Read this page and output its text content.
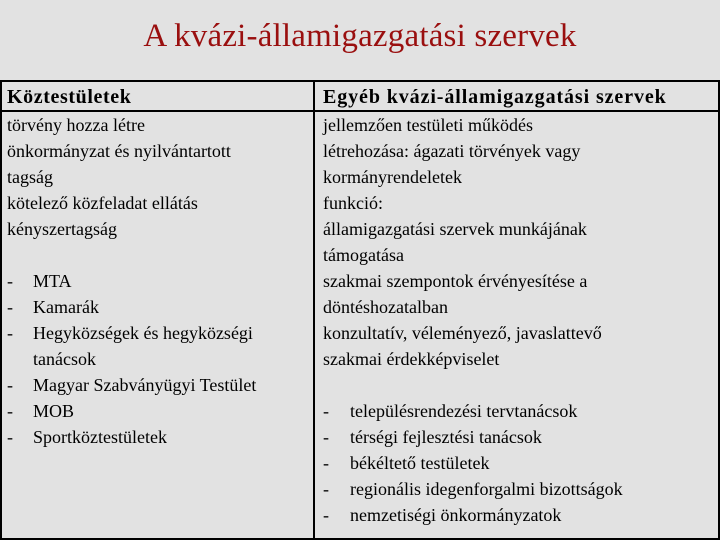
A kvázi-államigazgatási szervek
Köztestületek
törvény hozza létre
önkormányzat és nyilvántartott
tagság
kötelező közfeladat ellátás
kényszertagság
- MTA
- Kamarák
- Hegyközségek és hegyközségi
tanácsok
- Magyar Szabványügyi Testület
- MOB
- Sportköztestületek
Egyéb kvázi-államigazgatási szervek
jellemzően testületi működés
létrehozása: ágazati törvények vagy
kormányrendeletek
funkció:
államigazgatási szervek munkájának
támogatása
szakmai szempontok érvényesítése a
döntéshozatalban
konzultatív, véleményező, javaslattevő
szakmai érdekképviselet
- településrendezési tervtanácsok
- térségi fejlesztési tanácsok
- békéltető testületek
- regionális idegenforgalmi bizottságok
- nemzetiségi önkormányzatok
